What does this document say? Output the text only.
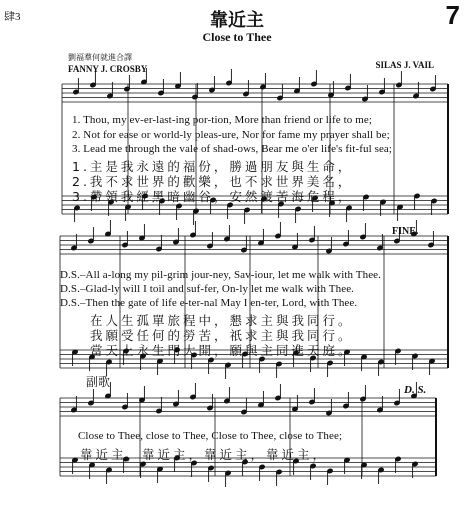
肆3	7
靠近主
Close to Thee
劉福羣何就進合譯
FANNY J. CROSBY	SILAS J. VAIL
1. Thou, my ev-er-last-ing por-tion, More than friend or life to me;
2. Not for ease or world-ly pleas-ure, Nor for fame my prayer shall be;
3. Lead me through the vale of shad-ows, Bear me o'er life's fit-ful sea;
1.主是我永遠的福份，勝過朋友與生命，
2.我不求世界的歡樂，也不求世界美名，
3.帶領我經黑暗幽谷，安然渡苦海危程，
FINE.
D.S.–All a-long my pil-grim jour-ney, Sav-iour, let me walk with Thee.
D.S.–Glad-ly will I toil and suf-fer, On-ly let me walk with Thee.
D.S.–Then the gate of life e-ter-nal May I en-ter, Lord, with Thee.
在人生孤單旅程中，懇求主與我同行。
我願受任何的勞苦，祇求主與我同行。
當天上永生門大開，願與主同進天庭。
副歌
D. S.
Close to Thee, close to Thee, Close to Thee, close to Thee;
靠近主，靠近主，靠近主，靠近主，
